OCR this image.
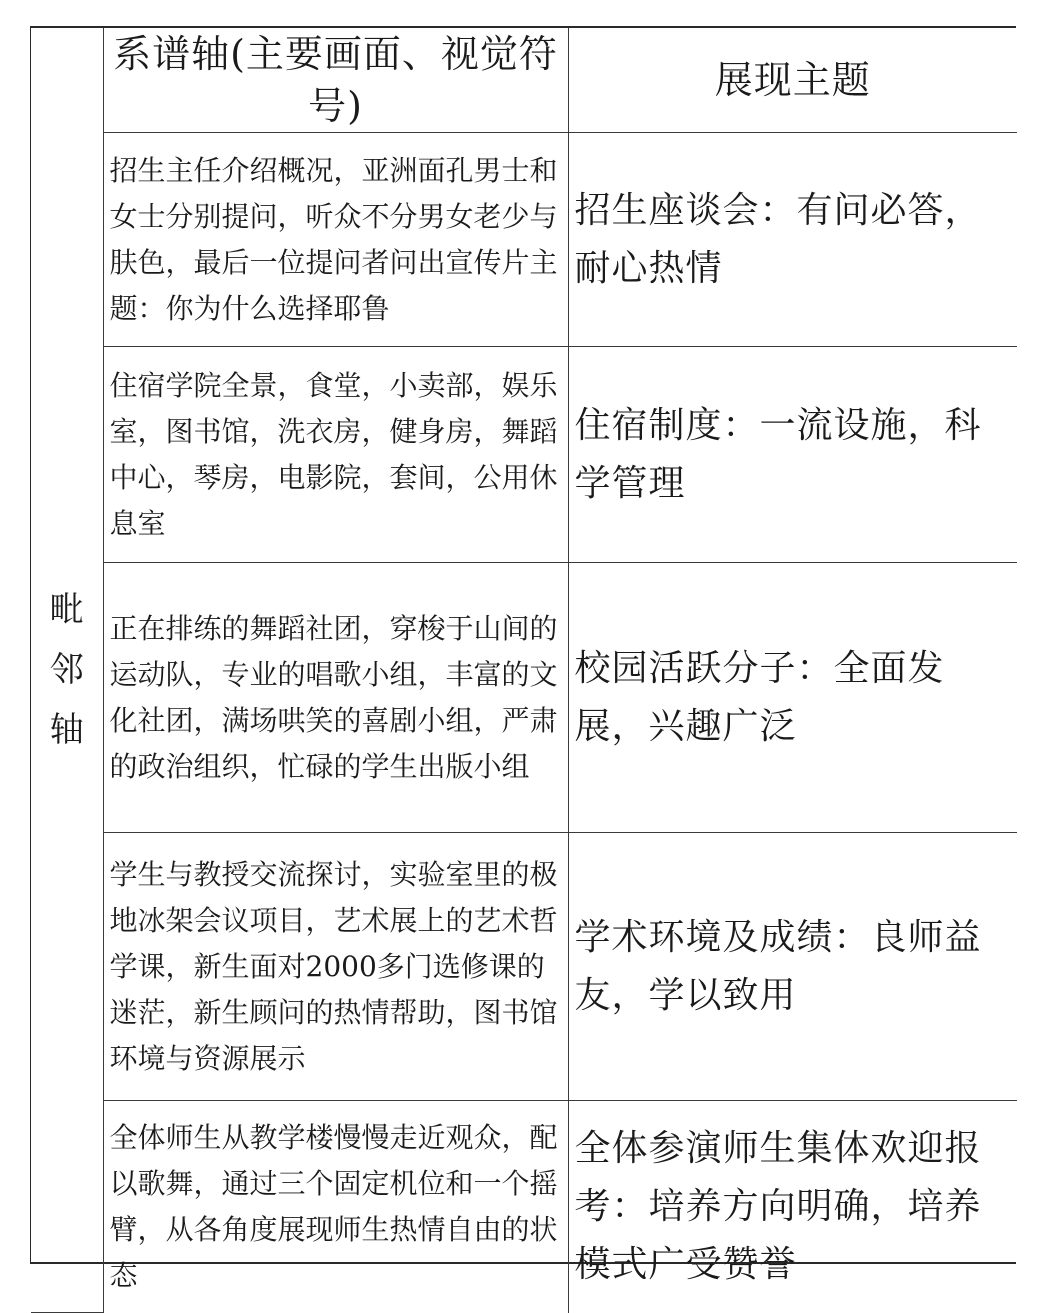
毗
邻
轴	系谱轴(主要画面、视觉符号)	展现主题
	招生主任介绍概况，亚洲面孔男士和女士分别提问，听众不分男女老少与肤色，最后一位提问者问出宣传片主题：你为什么选择耶鲁	招生座谈会：有问必答，耐心热情
	住宿学院全景，食堂，小卖部，娱乐室，图书馆，洗衣房，健身房，舞蹈中心，琴房，电影院，套间，公用休息室	住宿制度：一流设施，科学管理
	正在排练的舞蹈社团，穿梭于山间的运动队，专业的唱歌小组，丰富的文化社团，满场哄笑的喜剧小组，严肃的政治组织，忙碌的学生出版小组	校园活跃分子：全面发展，兴趣广泛
	学生与教授交流探讨，实验室里的极地冰架会议项目，艺术展上的艺术哲学课，新生面对2000多门选修课的迷茫，新生顾问的热情帮助，图书馆环境与资源展示	学术环境及成绩：良师益友，学以致用
	全体师生从教学楼慢慢走近观众，配以歌舞，通过三个固定机位和一个摇臂，从各角度展现师生热情自由的状态	全体参演师生集体欢迎报考：培养方向明确，培养模式广受赞誉
